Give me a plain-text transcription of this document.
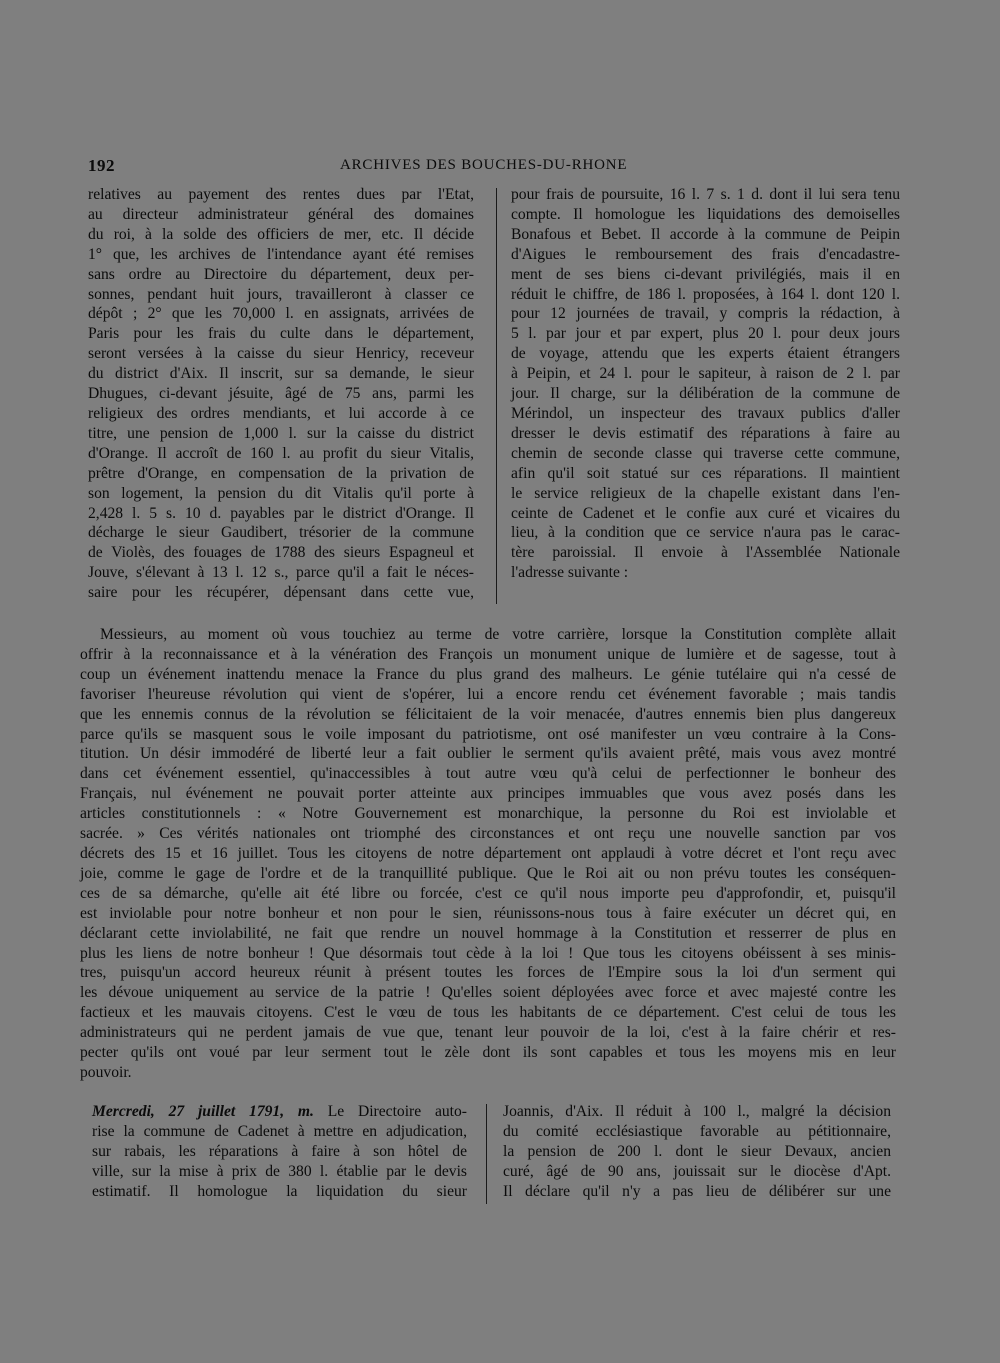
192	ARCHIVES DES BOUCHES-DU-RHONE
relatives au payement des rentes dues par l'Etat,
au directeur administrateur général des domaines
du roi, à la solde des officiers de mer, etc. Il décide
1° que, les archives de l'intendance ayant été remises
sans ordre au Directoire du département, deux per-
sonnes, pendant huit jours, travailleront à classer ce
dépôt ; 2° que les 70,000 l. en assignats, arrivées de
Paris pour les frais du culte dans le département,
seront versées à la caisse du sieur Henricy, receveur
du district d'Aix. Il inscrit, sur sa demande, le sieur
Dhugues, ci-devant jésuite, âgé de 75 ans, parmi les
religieux des ordres mendiants, et lui accorde à ce
titre, une pension de 1,000 l. sur la caisse du district
d'Orange. Il accroît de 160 l. au profit du sieur Vitalis,
prêtre d'Orange, en compensation de la privation de
son logement, la pension du dit Vitalis qu'il porte à
2,428 l. 5 s. 10 d. payables par le district d'Orange. Il
décharge le sieur Gaudibert, trésorier de la commune
de Violès, des fouages de 1788 des sieurs Espagneul et
Jouve, s'élevant à 13 l. 12 s., parce qu'il a fait le néces-
saire pour les récupérer, dépensant dans cette vue,
pour frais de poursuite, 16 l. 7 s. 1 d. dont il lui sera tenu
compte. Il homologue les liquidations des demoiselles
Bonafous et Bebet. Il accorde à la commune de Peipin
d'Aigues le remboursement des frais d'encadastre-
ment de ses biens ci-devant privilégiés, mais il en
réduit le chiffre, de 186 l. proposées, à 164 l. dont 120 l.
pour 12 journées de travail, y compris la rédaction, à
5 l. par jour et par expert, plus 20 l. pour deux jours
de voyage, attendu que les experts étaient étrangers
à Peipin, et 24 l. pour le sapiteur, à raison de 2 l. par
jour. Il charge, sur la délibération de la commune de
Mérindol, un inspecteur des travaux publics d'aller
dresser le devis estimatif des réparations à faire au
chemin de seconde classe qui traverse cette commune,
afin qu'il soit statué sur ces réparations. Il maintient
le service religieux de la chapelle existant dans l'en-
ceinte de Cadenet et le confie aux curé et vicaires du
lieu, à la condition que ce service n'aura pas le carac-
tère paroissial. Il envoie à l'Assemblée Nationale
l'adresse suivante :
Messieurs, au moment où vous touchiez au terme de votre carrière, lorsque la Constitution complète allait
offrir à la reconnaissance et à la vénération des François un monument unique de lumière et de sagesse, tout à
coup un événement inattendu menace la France du plus grand des malheurs. Le génie tutélaire qui n'a cessé de
favoriser l'heureuse révolution qui vient de s'opérer, lui a encore rendu cet événement favorable ; mais tandis
que les ennemis connus de la révolution se félicitaient de la voir menacée, d'autres ennemis bien plus dangereux
parce qu'ils se masquent sous le voile imposant du patriotisme, ont osé manifester un vœu contraire à la Cons-
titution. Un désir immodéré de liberté leur a fait oublier le serment qu'ils avaient prêté, mais vous avez montré
dans cet événement essentiel, qu'inaccessibles à tout autre vœu qu'à celui de perfectionner le bonheur des
Français, nul événement ne pouvait porter atteinte aux principes immuables que vous avez posés dans les
articles constitutionnels : « Notre Gouvernement est monarchique, la personne du Roi est inviolable et
sacrée. » Ces vérités nationales ont triomphé des circonstances et ont reçu une nouvelle sanction par vos
décrets des 15 et 16 juillet. Tous les citoyens de notre département ont applaudi à votre décret et l'ont reçu avec
joie, comme le gage de l'ordre et de la tranquillité publique. Que le Roi ait ou non prévu toutes les conséquen-
ces de sa démarche, qu'elle ait été libre ou forcée, c'est ce qu'il nous importe peu d'approfondir, et, puisqu'il
est inviolable pour notre bonheur et non pour le sien, réunissons-nous tous à faire exécuter un décret qui, en
déclarant cette inviolabilité, ne fait que rendre un nouvel hommage à la Constitution et resserrer de plus en
plus les liens de notre bonheur ! Que désormais tout cède à la loi ! Que tous les citoyens obéissent à ses minis-
tres, puisqu'un accord heureux réunit à présent toutes les forces de l'Empire sous la loi d'un serment qui
les dévoue uniquement au service de la patrie ! Qu'elles soient déployées avec force et avec majesté contre les
factieux et les mauvais citoyens. C'est le vœu de tous les habitants de ce département. C'est celui de tous les
administrateurs qui ne perdent jamais de vue que, tenant leur pouvoir de la loi, c'est à la faire chérir et res-
pecter qu'ils ont voué par leur serment tout le zèle dont ils sont capables et tous les moyens mis en leur
pouvoir.
Mercredi, 27 juillet 1791, m. Le Directoire auto-
rise la commune de Cadenet à mettre en adjudication,
sur rabais, les réparations à faire à son hôtel de
ville, sur la mise à prix de 380 l. établie par le devis
estimatif. Il homologue la liquidation du sieur
Joannis, d'Aix. Il réduit à 100 l., malgré la décision
du comité ecclésiastique favorable au pétitionnaire,
la pension de 200 l. dont le sieur Devaux, ancien
curé, âgé de 90 ans, jouissait sur le diocèse d'Apt.
Il déclare qu'il n'y a pas lieu de délibérer sur une
